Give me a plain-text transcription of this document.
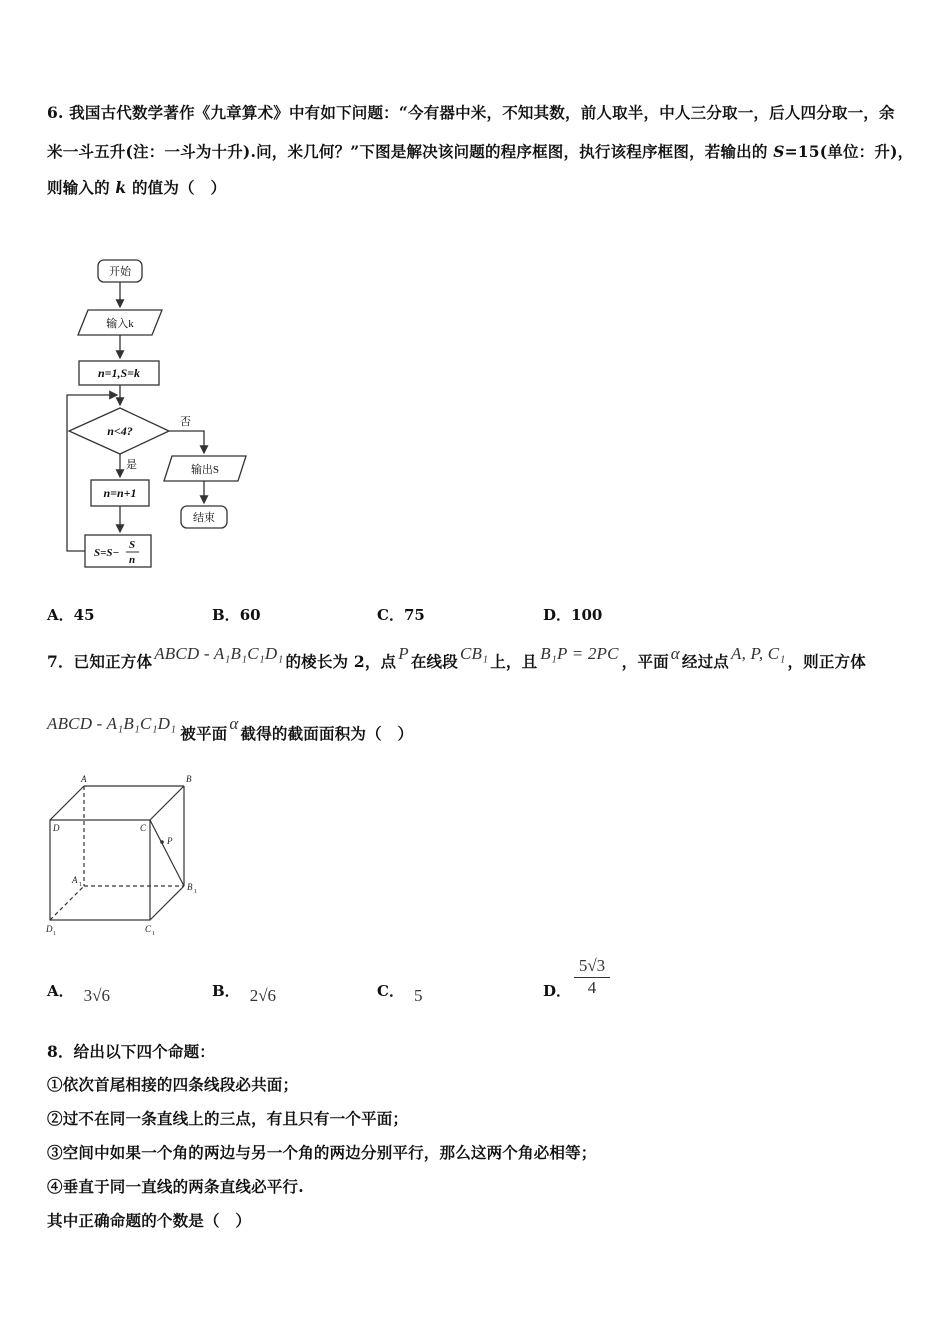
6. 我国古代数学著作《九章算术》中有如下问题：“今有器中米，不知其数，前人取半，中人三分取一，后人四分取一，余
米一斗五升(注：一斗为十升).问，米几何？”下图是解决该问题的程序框图，执行该程序框图，若输出的 S=15(单位：升)，
则输入的 k 的值为（　）
开始
输入k
n=1,S=k
n<4?
否
是	输出S
结束
n=n+1
S=S−
S
n
A．45	B．60	C．75	D．100
7．已知正方体 ABCD - A₁B₁C₁D₁ 的棱长为 2，点 P 在线段 CB₁ 上，且 B₁P = 2PC ，平面 α 经过点 A, P, C₁ ，则正方体
ABCD - A₁B₁C₁D₁被平面α截得的截面面积为（　）
A	B
D	C
P
A 1	B 1
D 1	C 1
A． 3√6	B． 2√6	C． 5	D． $\frac{5√3}{4}$
8．给出以下四个命题：
①依次首尾相接的四条线段必共面；
②过不在同一条直线上的三点，有且只有一个平面；
③空间中如果一个角的两边与另一个角的两边分别平行，那么这两个角必相等；
④垂直于同一直线的两条直线必平行.
其中正确命题的个数是（　）
